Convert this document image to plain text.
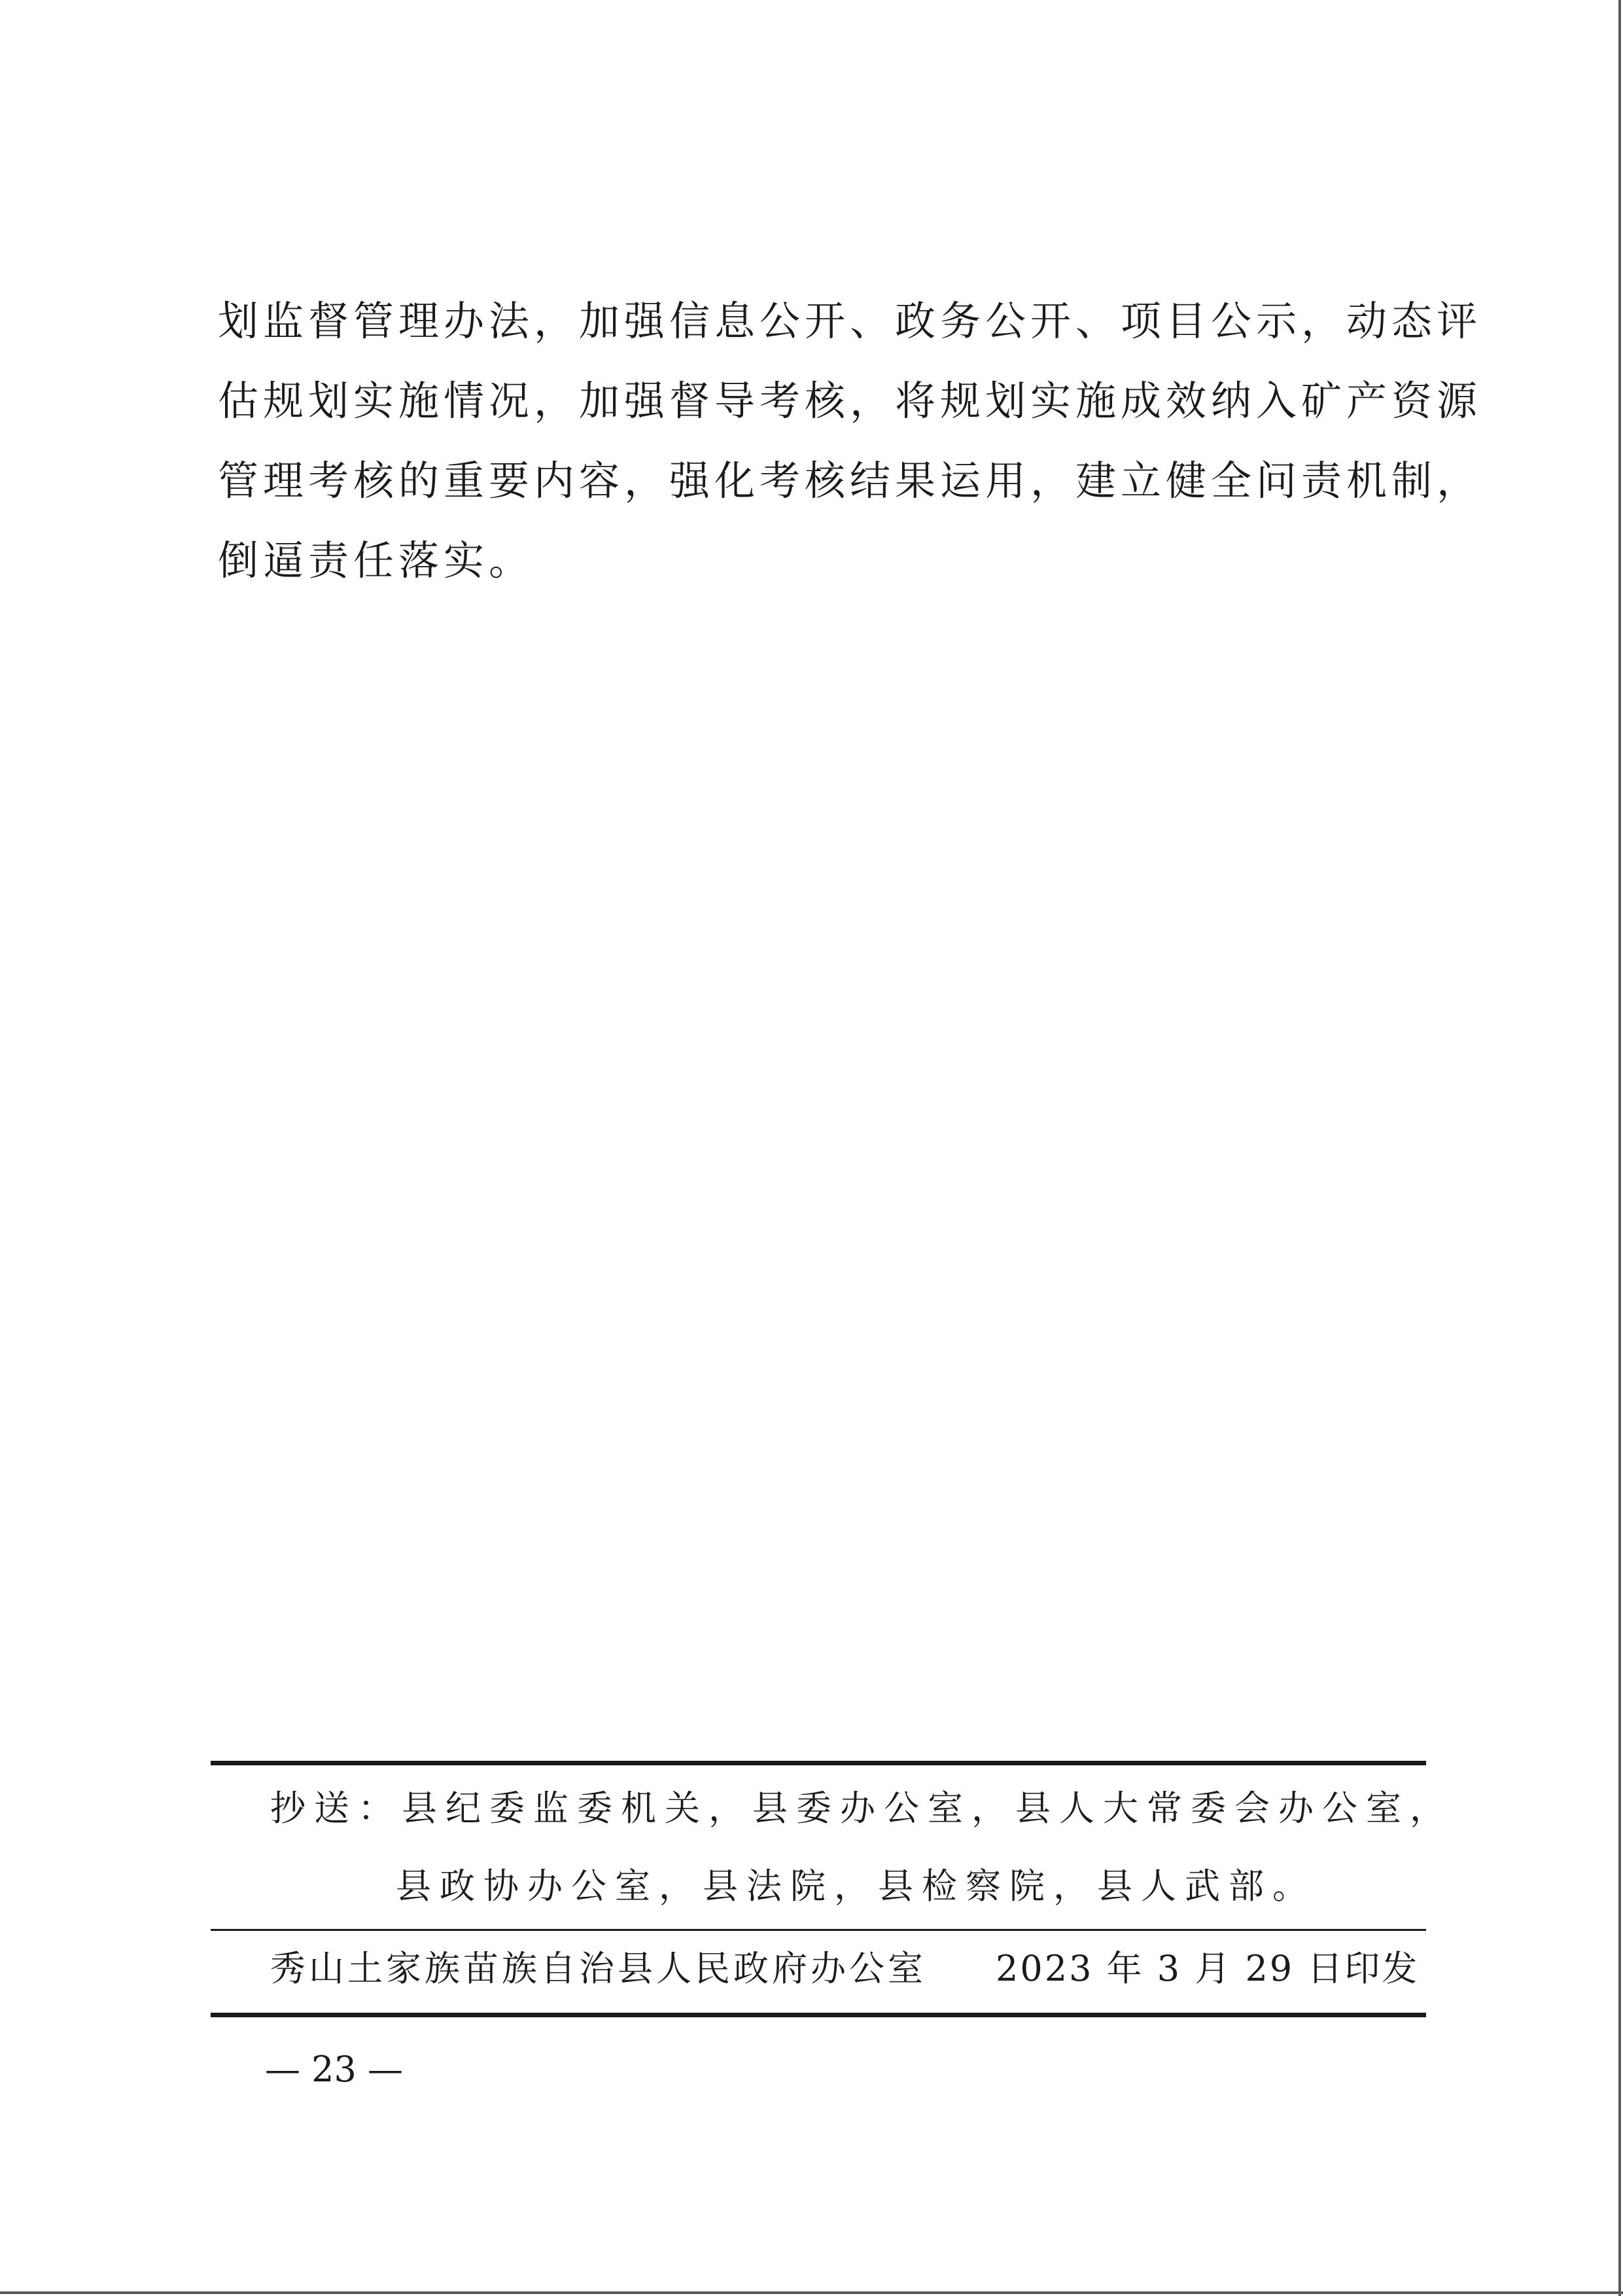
划监督管理办法，加强信息公开、政务公开、项目公示，动态评
估规划实施情况，加强督导考核，将规划实施成效纳入矿产资源
管理考核的重要内容，强化考核结果运用，建立健全问责机制，
倒逼责任落实。
抄送：县纪委监委机关，县委办公室，县人大常委会办公室，
县政协办公室，县法院，县检察院，县人武部。
秀山土家族苗族自治县人民政府办公室 2023 年 3 月 29 日印发
— 23 —
